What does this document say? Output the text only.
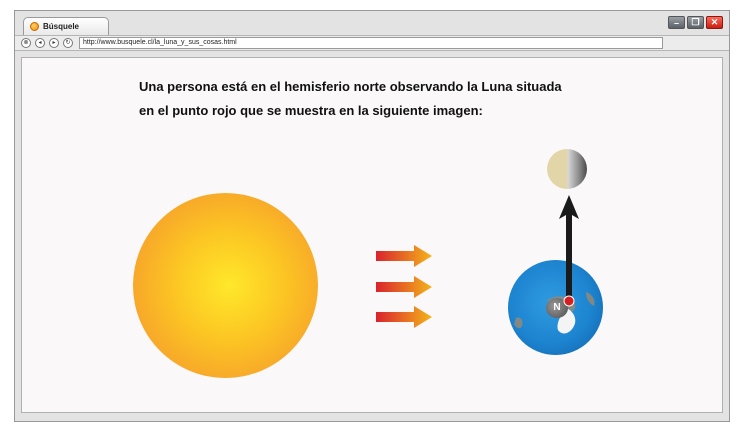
Búsquele	–	❐	✕
⊗	◂	▸	↻	http://www.busquele.cl/la_luna_y_sus_cosas.html
Una persona está en el hemisferio norte observando la Luna situada
en el punto rojo que se muestra en la siguiente imagen:
N
